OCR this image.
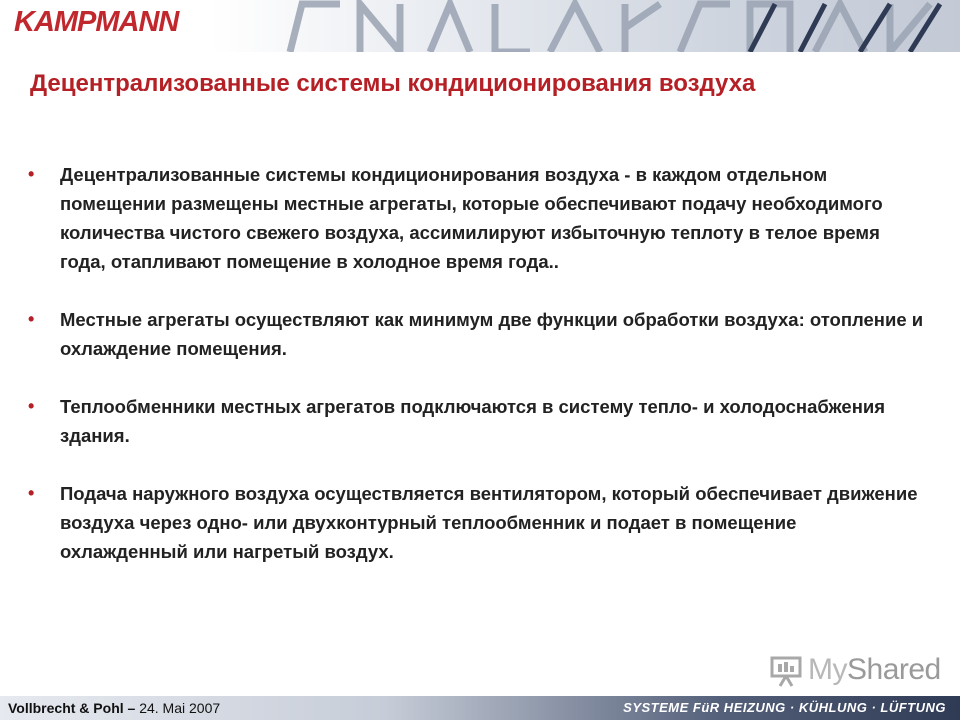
KAMPMANN
Децентрализованные системы кондиционирования воздуха
• Децентрализованные системы кондиционирования воздуха - в каждом отдельном помещении размещены местные агрегаты, которые обеспечивают подачу необходимого количества чистого свежего воздуха, ассимилируют избыточную теплоту в телое время года, отапливают помещение в холодное время года..
• Местные агрегаты осуществляют как минимум две функции обработки воздуха: отопление и охлаждение помещения.
• Теплообменники местных агрегатов подключаются в систему тепло- и холодоснабжения здания.
• Подача наружного воздуха осуществляется вентилятором, который обеспечивает движение воздуха через одно- или двухконтурный теплообменник и подает в помещение охлажденный или нагретый воздух.
My Shared
Vollbrecht & Pohl – 24. Mai 2007	SYSTEME FüR HEIZUNG · KÜHLUNG · LÜFTUNG
